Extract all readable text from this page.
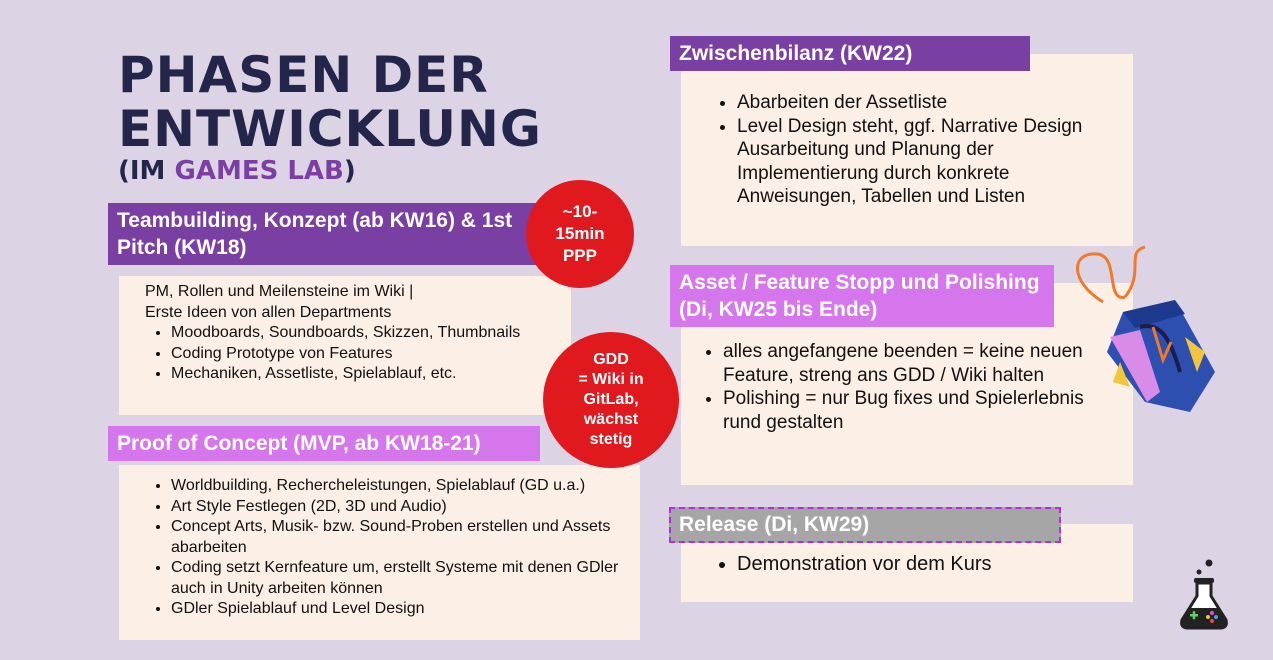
PHASEN DER
ENTWICKLUNG
(IM GAMES LAB)
PM, Rollen und Meilensteine im Wiki |
Erste Ideen von allen Departments
• Moodboards, Soundboards, Skizzen, Thumbnails
• Coding Prototype von Features
• Mechaniken, Assetliste, Spielablauf, etc.
Teambuilding, Konzept (ab KW16) & 1st Pitch (KW18)
• Worldbuilding, Rechercheleistungen, Spielablauf (GD u.a.)
• Art Style Festlegen (2D, 3D und Audio)
• Concept Arts, Musik- bzw. Sound-Proben erstellen und Assets abarbeiten
• Coding setzt Kernfeature um, erstellt Systeme mit denen GDler auch in Unity arbeiten können
• GDler Spielablauf und Level Design
Proof of Concept (MVP, ab KW18-21)
• Abarbeiten der Assetliste
• Level Design steht, ggf. Narrative Design Ausarbeitung und Planung der Implementierung durch konkrete Anweisungen, Tabellen und Listen
Zwischenbilanz (KW22)
• alles angefangene beenden = keine neuen Feature, streng ans GDD / Wiki halten
• Polishing = nur Bug fixes und Spielerlebnis rund gestalten
Asset / Feature Stopp und Polishing (Di, KW25 bis Ende)
• Demonstration vor dem Kurs
Release (Di, KW29)
~10-
15min
PPP
GDD
= Wiki in
GitLab,
wächst
stetig
